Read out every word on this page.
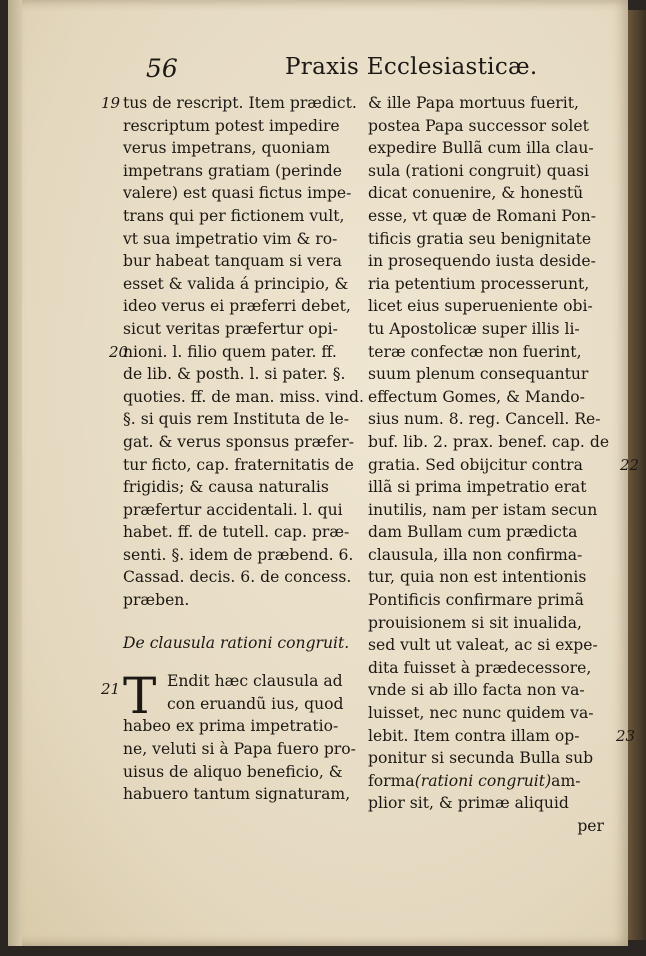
56	Praxis Ecclesiasticæ.
19 tus de rescript. Item prædict.
rescriptum potest impedire
verus impetrans, quoniam
impetrans gratiam (perinde
valere) est quasi fictus impe-
trans qui per fictionem vult,
vt sua impetratio vim & ro-
bur habeat tanquam si vera
esset & valida á principio, &
ideo verus ei præferri debet,
sicut veritas præfertur opi-
20
nioni. l. filio quem pater. ff.
de lib. & posth. l. si pater. §.
quoties. ff. de man. miss. vind.
§. si quis rem Instituta de le-
gat. & verus sponsus præfer-
tur ficto, cap. fraternitatis de
frigidis; & causa naturalis
præfertur accidentali. l. qui
habet. ff. de tutell. cap. præ-
senti. §. idem de præbend. 6.
Cassad. decis. 6. de concess.
præben.
De clausula rationi congruit.
21 T Endit hæc clausula ad
con eruandũ ius, quod
habeo ex prima impetratio-
ne, veluti si à Papa fuero pro-
uisus de aliquo beneficio, &
habuero tantum signaturam,
& ille Papa mortuus fuerit,
postea Papa successor solet
expedire Bullã cum illa clau-
sula (rationi congruit) quasi
dicat conuenire, & honestũ
esse, vt quæ de Romani Pon-
tificis gratia seu benignitate
in prosequendo iusta deside-
ria petentium processerunt,
licet eius superueniente obi-
tu Apostolicæ super illis li-
teræ confectæ non fuerint,
suum plenum consequantur
effectum Gomes, & Mando-
sius num. 8. reg. Cancell. Re-
buf. lib. 2. prax. benef. cap. de
gratia. Sed obijcitur contra 22
illã si prima impetratio erat
inutilis, nam per istam secun
dam Bullam cum prædicta
clausula, illa non confirma-
tur, quia non est intentionis
Pontificis confirmare primã
prouisionem si sit inualida,
sed vult ut valeat, ac si expe-
dita fuisset à prædecessore,
vnde si ab illo facta non va-
luisset, nec nunc quidem va-
lebit. Item contra illam op- 23
ponitur si secunda Bulla sub
forma(rationi congruit)am-
plior sit, & primæ aliquid
per
